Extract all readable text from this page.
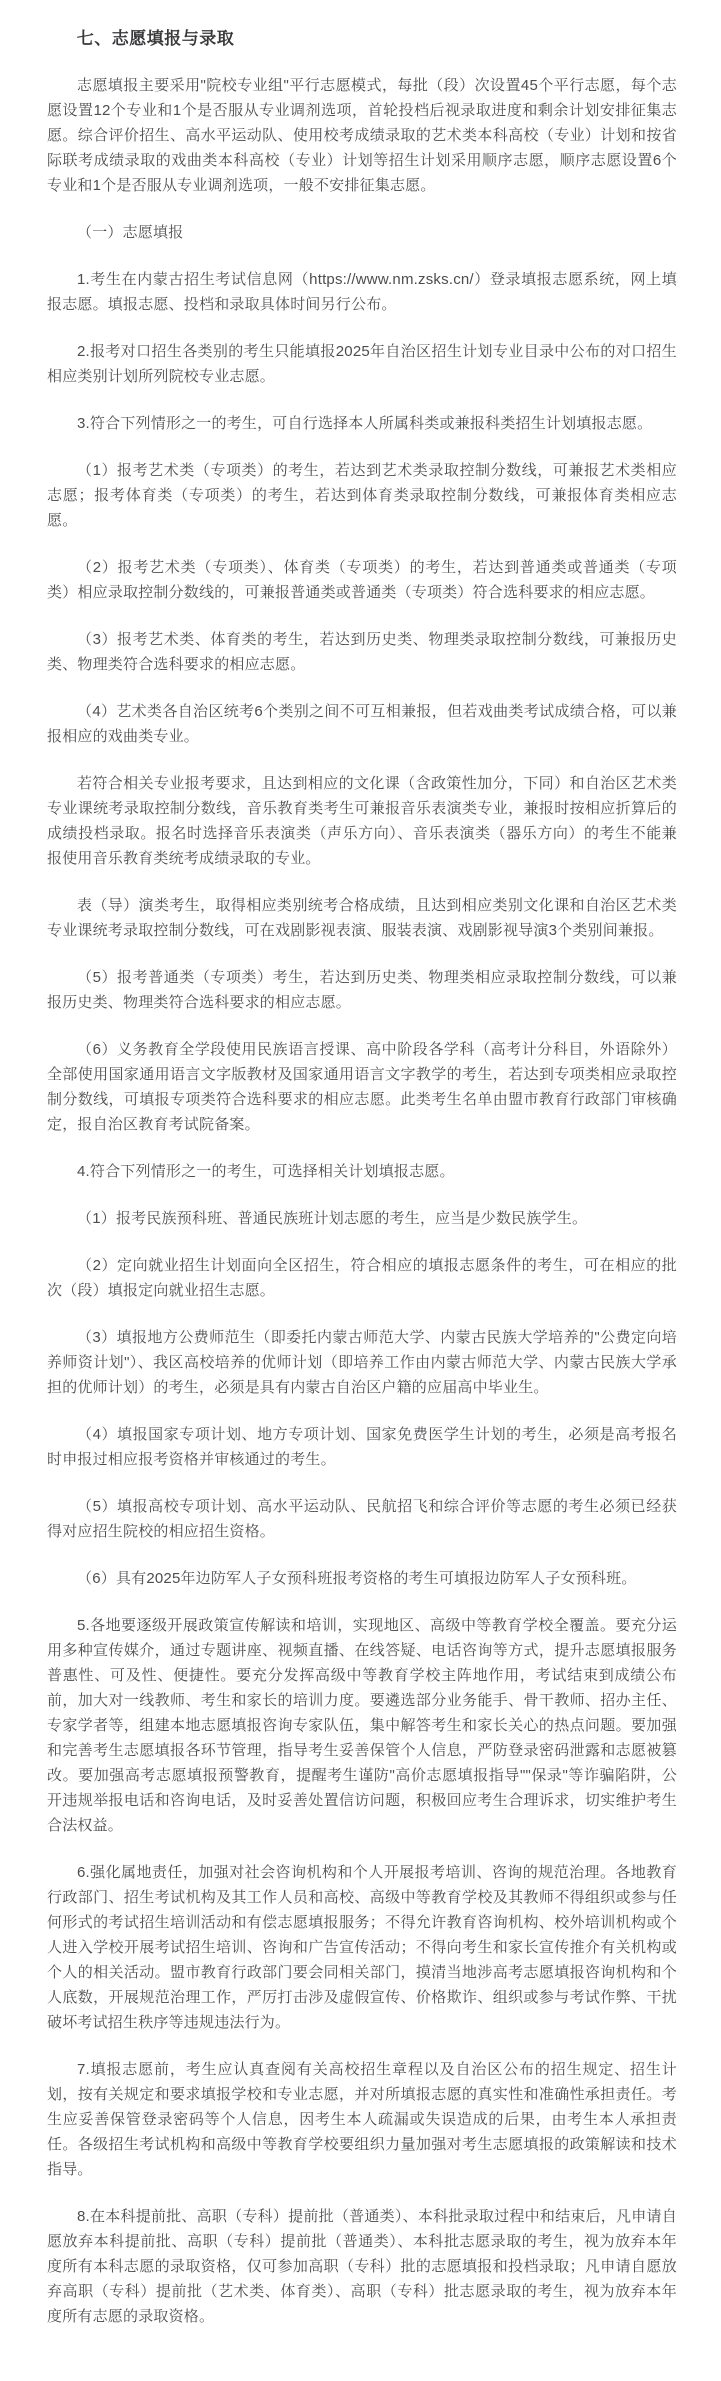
七、志愿填报与录取

志愿填报主要采用"院校专业组"平行志愿模式，每批（段）次设置45个平行志愿，每个志愿设置12个专业和1个是否服从专业调剂选项，首轮投档后视录取进度和剩余计划安排征集志愿。综合评价招生、高水平运动队、使用校考成绩录取的艺术类本科高校（专业）计划和按省际联考成绩录取的戏曲类本科高校（专业）计划等招生计划采用顺序志愿，顺序志愿设置6个专业和1个是否服从专业调剂选项，一般不安排征集志愿。

（一）志愿填报

1.考生在内蒙古招生考试信息网（https://www.nm.zsks.cn/）登录填报志愿系统，网上填报志愿。填报志愿、投档和录取具体时间另行公布。

2.报考对口招生各类别的考生只能填报2025年自治区招生计划专业目录中公布的对口招生相应类别计划所列院校专业志愿。

3.符合下列情形之一的考生，可自行选择本人所属科类或兼报科类招生计划填报志愿。

（1）报考艺术类（专项类）的考生，若达到艺术类录取控制分数线，可兼报艺术类相应志愿；报考体育类（专项类）的考生，若达到体育类录取控制分数线，可兼报体育类相应志愿。

（2）报考艺术类（专项类）、体育类（专项类）的考生，若达到普通类或普通类（专项类）相应录取控制分数线的，可兼报普通类或普通类（专项类）符合选科要求的相应志愿。

（3）报考艺术类、体育类的考生，若达到历史类、物理类录取控制分数线，可兼报历史类、物理类符合选科要求的相应志愿。

（4）艺术类各自治区统考6个类别之间不可互相兼报，但若戏曲类考试成绩合格，可以兼报相应的戏曲类专业。

若符合相关专业报考要求，且达到相应的文化课（含政策性加分，下同）和自治区艺术类专业课统考录取控制分数线，音乐教育类考生可兼报音乐表演类专业，兼报时按相应折算后的成绩投档录取。报名时选择音乐表演类（声乐方向）、音乐表演类（器乐方向）的考生不能兼报使用音乐教育类统考成绩录取的专业。

表（导）演类考生，取得相应类别统考合格成绩，且达到相应类别文化课和自治区艺术类专业课统考录取控制分数线，可在戏剧影视表演、服装表演、戏剧影视导演3个类别间兼报。

（5）报考普通类（专项类）考生，若达到历史类、物理类相应录取控制分数线，可以兼报历史类、物理类符合选科要求的相应志愿。

（6）义务教育全学段使用民族语言授课、高中阶段各学科（高考计分科目，外语除外）全部使用国家通用语言文字版教材及国家通用语言文字教学的考生，若达到专项类相应录取控制分数线，可填报专项类符合选科要求的相应志愿。此类考生名单由盟市教育行政部门审核确定，报自治区教育考试院备案。

4.符合下列情形之一的考生，可选择相关计划填报志愿。

（1）报考民族预科班、普通民族班计划志愿的考生，应当是少数民族学生。

（2）定向就业招生计划面向全区招生，符合相应的填报志愿条件的考生，可在相应的批次（段）填报定向就业招生志愿。

（3）填报地方公费师范生（即委托内蒙古师范大学、内蒙古民族大学培养的"公费定向培养师资计划"）、我区高校培养的优师计划（即培养工作由内蒙古师范大学、内蒙古民族大学承担的优师计划）的考生，必须是具有内蒙古自治区户籍的应届高中毕业生。

（4）填报国家专项计划、地方专项计划、国家免费医学生计划的考生，必须是高考报名时申报过相应报考资格并审核通过的考生。

（5）填报高校专项计划、高水平运动队、民航招飞和综合评价等志愿的考生必须已经获得对应招生院校的相应招生资格。

（6）具有2025年边防军人子女预科班报考资格的考生可填报边防军人子女预科班。

5.各地要逐级开展政策宣传解读和培训，实现地区、高级中等教育学校全覆盖。要充分运用多种宣传媒介，通过专题讲座、视频直播、在线答疑、电话咨询等方式，提升志愿填报服务普惠性、可及性、便捷性。要充分发挥高级中等教育学校主阵地作用，考试结束到成绩公布前，加大对一线教师、考生和家长的培训力度。要遴选部分业务能手、骨干教师、招办主任、专家学者等，组建本地志愿填报咨询专家队伍，集中解答考生和家长关心的热点问题。要加强和完善考生志愿填报各环节管理，指导考生妥善保管个人信息，严防登录密码泄露和志愿被篡改。要加强高考志愿填报预警教育，提醒考生谨防"高价志愿填报指导""保录"等诈骗陷阱，公开违规举报电话和咨询电话，及时妥善处置信访问题，积极回应考生合理诉求，切实维护考生合法权益。

6.强化属地责任，加强对社会咨询机构和个人开展报考培训、咨询的规范治理。各地教育行政部门、招生考试机构及其工作人员和高校、高级中等教育学校及其教师不得组织或参与任何形式的考试招生培训活动和有偿志愿填报服务；不得允许教育咨询机构、校外培训机构或个人进入学校开展考试招生培训、咨询和广告宣传活动；不得向考生和家长宣传推介有关机构或个人的相关活动。盟市教育行政部门要会同相关部门，摸清当地涉高考志愿填报咨询机构和个人底数，开展规范治理工作，严厉打击涉及虚假宣传、价格欺诈、组织或参与考试作弊、干扰破坏考试招生秩序等违规违法行为。

7.填报志愿前，考生应认真查阅有关高校招生章程以及自治区公布的招生规定、招生计划，按有关规定和要求填报学校和专业志愿，并对所填报志愿的真实性和准确性承担责任。考生应妥善保管登录密码等个人信息，因考生本人疏漏或失误造成的后果，由考生本人承担责任。各级招生考试机构和高级中等教育学校要组织力量加强对考生志愿填报的政策解读和技术指导。

8.在本科提前批、高职（专科）提前批（普通类）、本科批录取过程中和结束后，凡申请自愿放弃本科提前批、高职（专科）提前批（普通类）、本科批志愿录取的考生，视为放弃本年度所有本科志愿的录取资格，仅可参加高职（专科）批的志愿填报和投档录取；凡申请自愿放弃高职（专科）提前批（艺术类、体育类）、高职（专科）批志愿录取的考生，视为放弃本年度所有志愿的录取资格。
